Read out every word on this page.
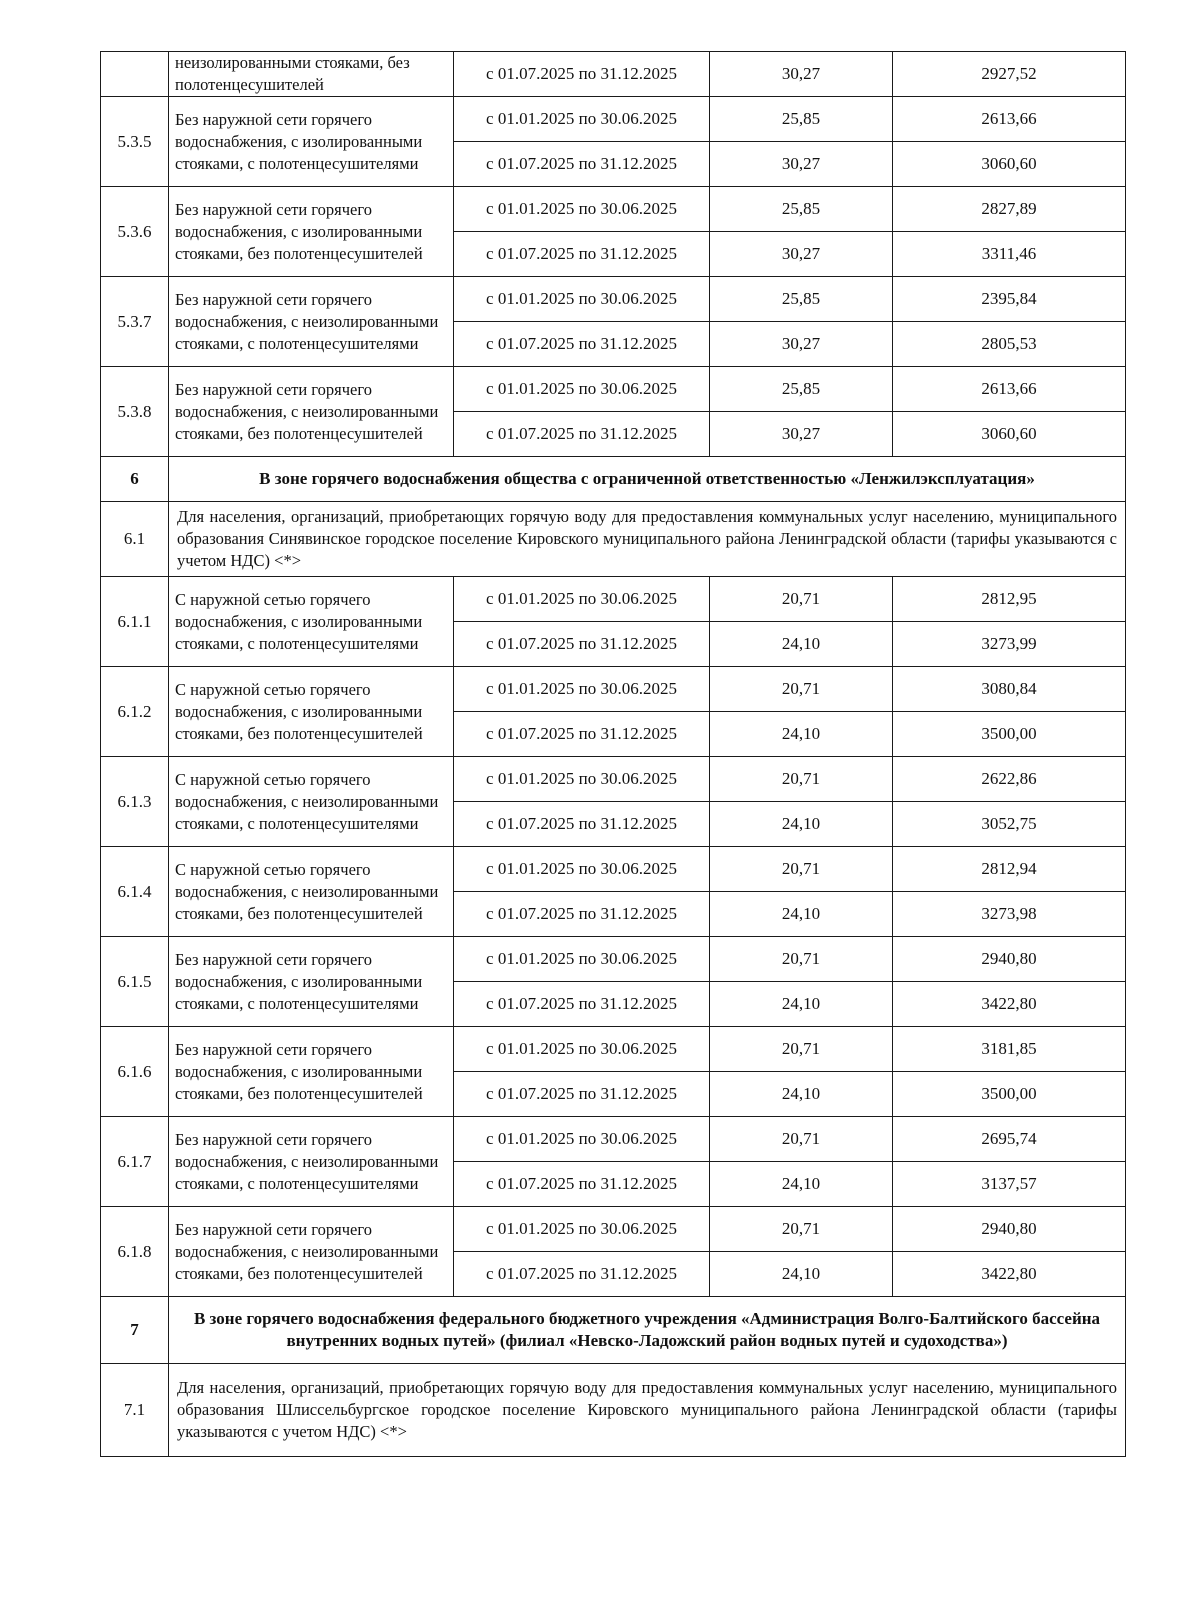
	неизолированными стояками, без полотенцесушителей	с 01.07.2025 по 31.12.2025	30,27	2927,52
5.3.5	Без наружной сети горячего водоснабжения, с изолированными стояками, с полотенцесушителями	с 01.01.2025 по 30.06.2025	25,85	2613,66
		с 01.07.2025 по 31.12.2025	30,27	3060,60
5.3.6	Без наружной сети горячего водоснабжения, с изолированными стояками, без полотенцесушителей	с 01.01.2025 по 30.06.2025	25,85	2827,89
		с 01.07.2025 по 31.12.2025	30,27	3311,46
5.3.7	Без наружной сети горячего водоснабжения, с неизолированными стояками, с полотенцесушителями	с 01.01.2025 по 30.06.2025	25,85	2395,84
		с 01.07.2025 по 31.12.2025	30,27	2805,53
5.3.8	Без наружной сети горячего водоснабжения, с неизолированными стояками, без полотенцесушителей	с 01.01.2025 по 30.06.2025	25,85	2613,66
		с 01.07.2025 по 31.12.2025	30,27	3060,60
6	В зоне горячего водоснабжения общества с ограниченной ответственностью «Ленжилэксплуатация»			
6.1	Для населения, организаций, приобретающих горячую воду для предоставления коммунальных услуг населению, муниципального образования Синявинское городское поселение Кировского муниципального района Ленинградской области (тарифы указываются с учетом НДС) <*>			
6.1.1	С наружной сетью горячего водоснабжения, с изолированными стояками, с полотенцесушителями	с 01.01.2025 по 30.06.2025	20,71	2812,95
		с 01.07.2025 по 31.12.2025	24,10	3273,99
6.1.2	С наружной сетью горячего водоснабжения, с изолированными стояками, без полотенцесушителей	с 01.01.2025 по 30.06.2025	20,71	3080,84
		с 01.07.2025 по 31.12.2025	24,10	3500,00
6.1.3	С наружной сетью горячего водоснабжения, с неизолированными стояками, с полотенцесушителями	с 01.01.2025 по 30.06.2025	20,71	2622,86
		с 01.07.2025 по 31.12.2025	24,10	3052,75
6.1.4	С наружной сетью горячего водоснабжения, с неизолированными стояками, без полотенцесушителей	с 01.01.2025 по 30.06.2025	20,71	2812,94
		с 01.07.2025 по 31.12.2025	24,10	3273,98
6.1.5	Без наружной сети горячего водоснабжения, с изолированными стояками, с полотенцесушителями	с 01.01.2025 по 30.06.2025	20,71	2940,80
		с 01.07.2025 по 31.12.2025	24,10	3422,80
6.1.6	Без наружной сети горячего водоснабжения, с изолированными стояками, без полотенцесушителей	с 01.01.2025 по 30.06.2025	20,71	3181,85
		с 01.07.2025 по 31.12.2025	24,10	3500,00
6.1.7	Без наружной сети горячего водоснабжения, с неизолированными стояками, с полотенцесушителями	с 01.01.2025 по 30.06.2025	20,71	2695,74
		с 01.07.2025 по 31.12.2025	24,10	3137,57
6.1.8	Без наружной сети горячего водоснабжения, с неизолированными стояками, без полотенцесушителей	с 01.01.2025 по 30.06.2025	20,71	2940,80
		с 01.07.2025 по 31.12.2025	24,10	3422,80
7	В зоне горячего водоснабжения федерального бюджетного учреждения «Администрация Волго-Балтийского бассейна внутренних водных путей» (филиал «Невско-Ладожский район водных путей и судоходства»)			
7.1	Для населения, организаций, приобретающих горячую воду для предоставления коммунальных услуг населению, муниципального образования Шлиссельбургское городское поселение Кировского муниципального района Ленинградской области (тарифы указываются с учетом НДС) <*>			
